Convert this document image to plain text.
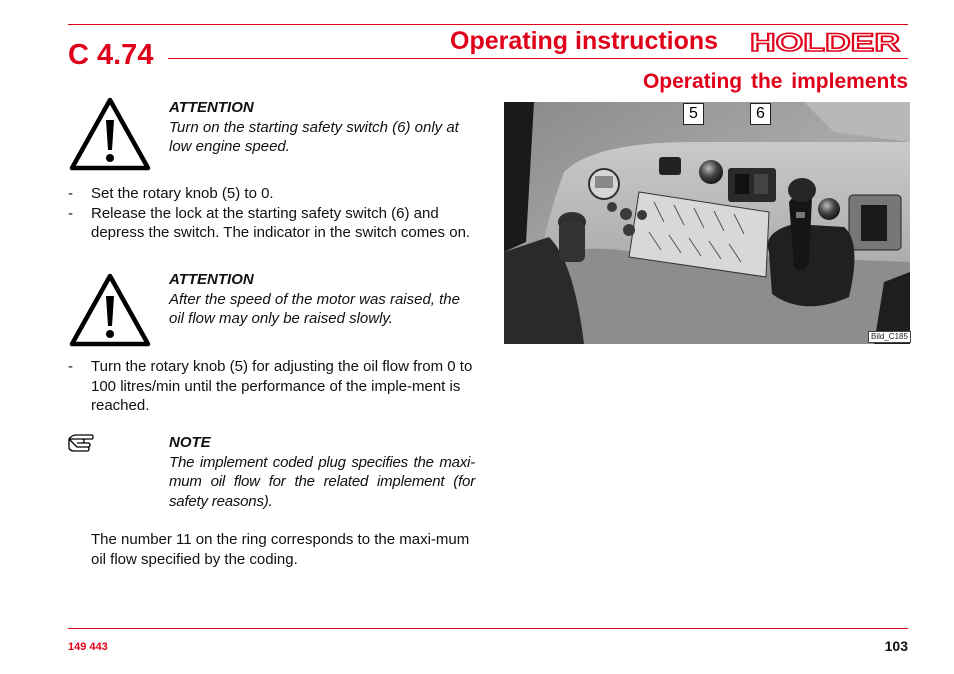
C 4.74	Operating instructions HOLDER
Operating the implements
ATTENTION
Turn on the starting safety switch (6) only at low engine speed.
- Set the rotary knob (5) to 0.
- Release the lock at the starting safety switch (6) and depress the switch. The indicator in the switch comes on.
ATTENTION
After the speed of the motor was raised, the oil flow may only be raised slowly.
- Turn the rotary knob (5) for adjusting the oil flow from 0 to 100 litres/min until the performance of the imple-ment is reached.
NOTE
The implement coded plug specifies the maxi-mum oil flow for the related implement (for safety reasons).

The number 11 on the ring corresponds to the maxi-mum oil flow specified by the coding.

5	6
Bild_C185
149 443	103
